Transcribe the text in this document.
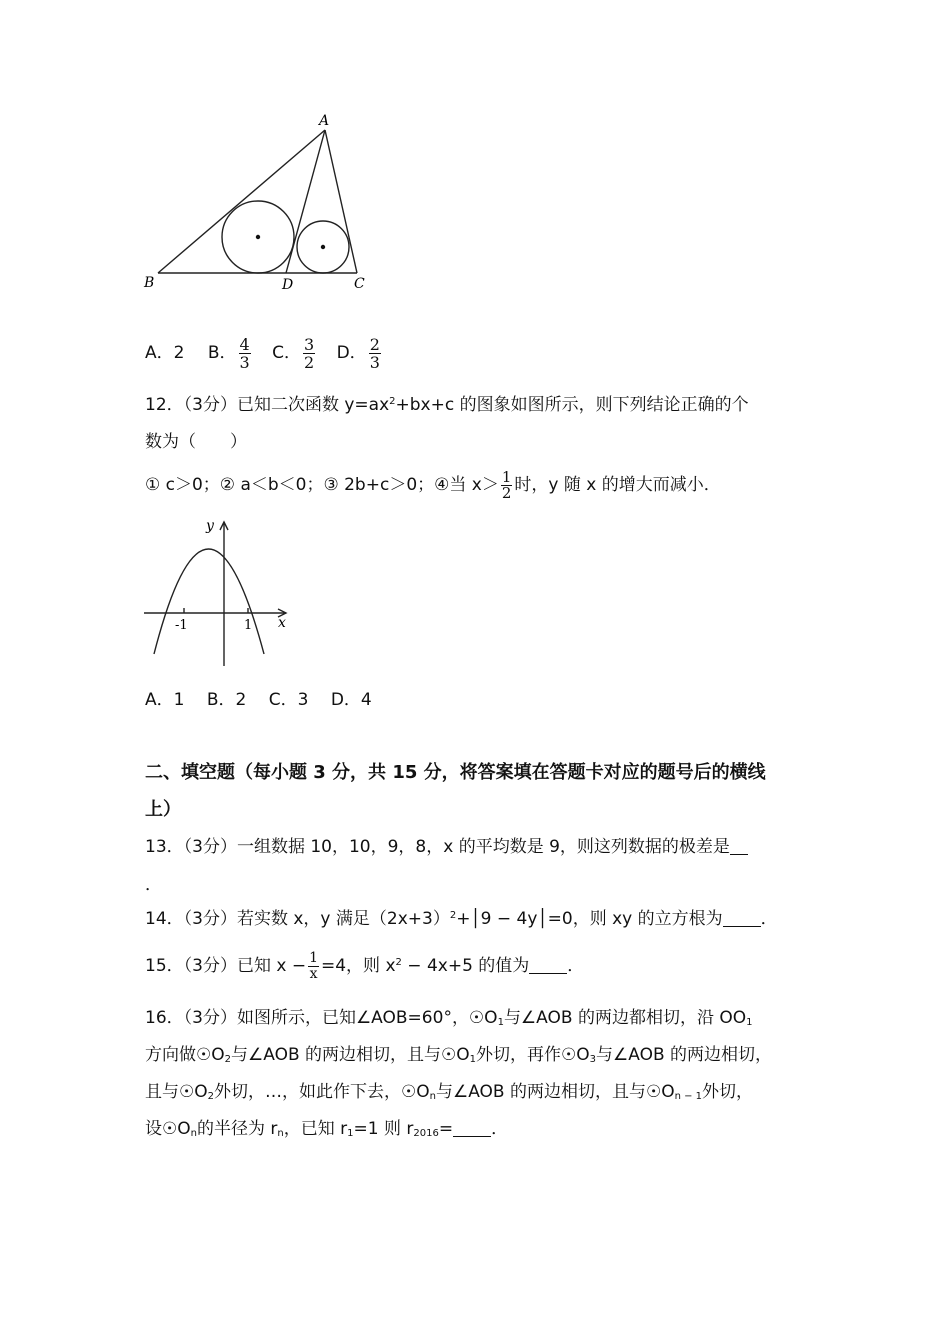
A
B	D	C
A．2 B． $\frac{4}{3}$ C． $\frac{3}{2}$ D． $\frac{2}{3}$
12．（3分）已知二次函数 $y=ax^2+bx+c$ 的图象如图所示，则下列结论正确的个
数为（　　）
① c＞0；② a＜b＜0；③ 2b+c＞0；④当 $x> \frac{1}{2}$ 时，y 随 x 的增大而减小．
y
x
-1	1
A．1　 B．2　 C．3　 D．4
二、填空题（每小题 3 分，共 15 分，将答案填在答题卡对应的题号后的横线
上）
13．（3分）一组数据 10，10，9，8，x 的平均数是 9，则这列数据的极差是
．
14．（3分）若实数 x，y 满足$(2x+3)^2+│9$ − 4y│=0，则 xy 的立方根为 ．
15．（3分）已知 $x - \frac{1}{x} =4$，则 $x^2 - 4x+5$ 的值为 ．
16．（3分）如图所示，已知∠AOB=60°，$☉O_1$与∠AOB 的两边都相切，沿 $OO_1$
方向做$☉O_2$与∠AOB 的两边相切，且与$☉O_1$外切，再作$☉O_3$与∠AOB 的两边相切，
且与$☉O_2$外切，…，如此作下去，$☉O_n$与∠AOB 的两边相切，且与$☉O_{n - 1}$外切，
设$☉O_n$的半径为 $r_n$，已知 $r_1=1$ 则 $r_{2016}=$ ．
